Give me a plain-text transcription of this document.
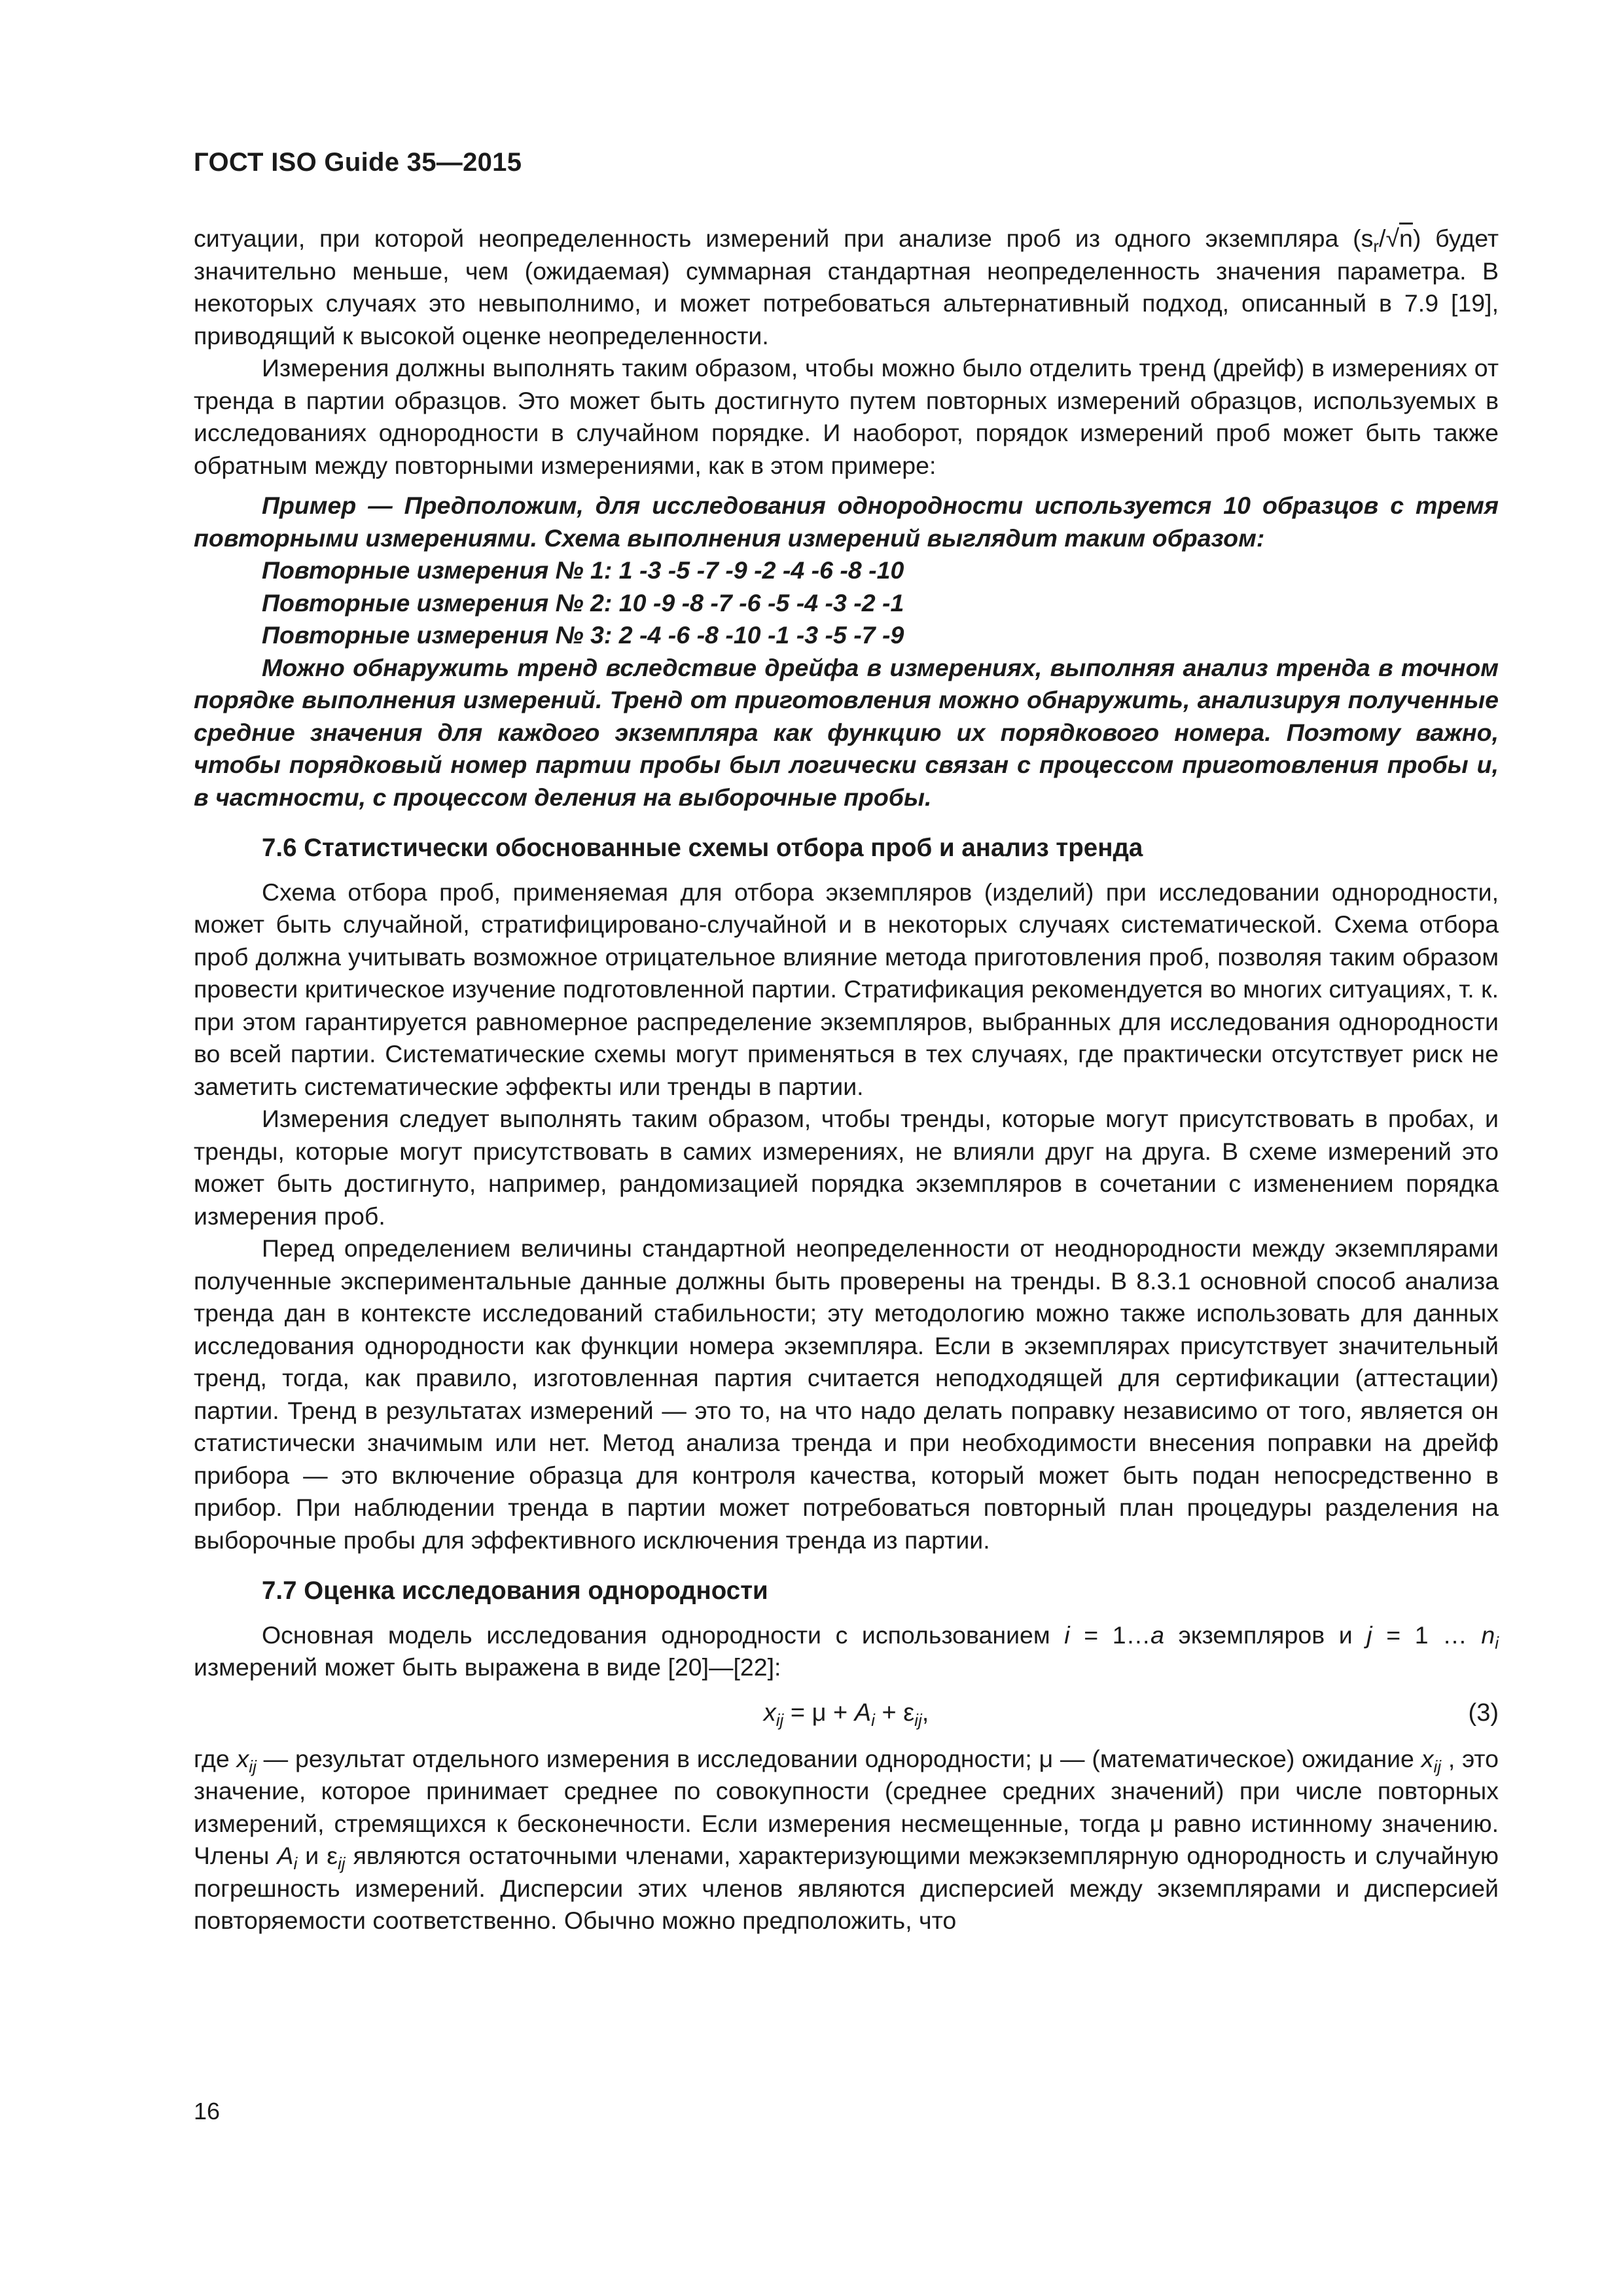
ГОСТ ISO Guide 35—2015

ситуации, при которой неопределенность измерений при анализе проб из одного экземпляра $(s_r/√n)$ будет значительно меньше, чем (ожидаемая) суммарная стандартная неопределенность значения параметра. В некоторых случаях это невыполнимо, и может потребоваться альтернативный подход, описанный в 7.9 [19], приводящий к высокой оценке неопределенности.

Измерения должны выполнять таким образом, чтобы можно было отделить тренд (дрейф) в измерениях от тренда в партии образцов. Это может быть достигнуто путем повторных измерений образцов, используемых в исследованиях однородности в случайном порядке. И наоборот, порядок измерений проб может быть также обратным между повторными измерениями, как в этом примере:

Пример — Предположим, для исследования однородности используется 10 образцов с тремя повторными измерениями. Схема выполнения измерений выглядит таким образом:

Повторные измерения № 1: 1 -3 -5 -7 -9 -2 -4 -6 -8 -10

Повторные измерения № 2: 10 -9 -8 -7 -6 -5 -4 -3 -2 -1

Повторные измерения № 3: 2 -4 -6 -8 -10 -1 -3 -5 -7 -9

Можно обнаружить тренд вследствие дрейфа в измерениях, выполняя анализ тренда в точном порядке выполнения измерений. Тренд от приготовления можно обнаружить, анализируя полученные средние значения для каждого экземпляра как функцию их порядкового номера. Поэтому важно, чтобы порядковый номер партии пробы был логически связан с процессом приготовления пробы и, в частности, с процессом деления на выборочные пробы.

7.6 Статистически обоснованные схемы отбора проб и анализ тренда

Схема отбора проб, применяемая для отбора экземпляров (изделий) при исследовании однородности, может быть случайной, стратифицировано-случайной и в некоторых случаях систематической. Схема отбора проб должна учитывать возможное отрицательное влияние метода приготовления проб, позволяя таким образом провести критическое изучение подготовленной партии. Стратификация рекомендуется во многих ситуациях, т. к. при этом гарантируется равномерное распределение экземпляров, выбранных для исследования однородности во всей партии. Систематические схемы могут применяться в тех случаях, где практически отсутствует риск не заметить систематические эффекты или тренды в партии.

Измерения следует выполнять таким образом, чтобы тренды, которые могут присутствовать в пробах, и тренды, которые могут присутствовать в самих измерениях, не влияли друг на друга. В схеме измерений это может быть достигнуто, например, рандомизацией порядка экземпляров в сочетании с изменением порядка измерения проб.

Перед определением величины стандартной неопределенности от неоднородности между экземплярами полученные экспериментальные данные должны быть проверены на тренды. В 8.3.1 основной способ анализа тренда дан в контексте исследований стабильности; эту методологию можно также использовать для данных исследования однородности как функции номера экземпляра. Если в экземплярах присутствует значительный тренд, тогда, как правило, изготовленная партия считается неподходящей для сертификации (аттестации) партии. Тренд в результатах измерений — это то, на что надо делать поправку независимо от того, является он статистически значимым или нет. Метод анализа тренда и при необходимости внесения поправки на дрейф прибора — это включение образца для контроля качества, который может быть подан непосредственно в прибор. При наблюдении тренда в партии может потребоваться повторный план процедуры разделения на выборочные пробы для эффективного исключения тренда из партии.

7.7 Оценка исследования однородности

Основная модель исследования однородности с использованием i = 1…a экземпляров и j = 1 … $n_i$ измерений может быть выражена в виде [20]—[22]:

$x_{ij} = \mu + A_i + \varepsilon_{ij}$,	(3)

где $x_{ij}$ — результат отдельного измерения в исследовании однородности; μ — (математическое) ожидание $x_{ij}$ , это значение, которое принимает среднее по совокупности (среднее средних значений) при числе повторных измерений, стремящихся к бесконечности. Если измерения несмещенные, тогда μ равно истинному значению. Члены $A_i$ и $\varepsilon_{ij}$ являются остаточными членами, характеризующими межэкземплярную однородность и случайную погрешность измерений. Дисперсии этих членов являются дисперсией между экземплярами и дисперсией повторяемости соответственно. Обычно можно предположить, что

16
